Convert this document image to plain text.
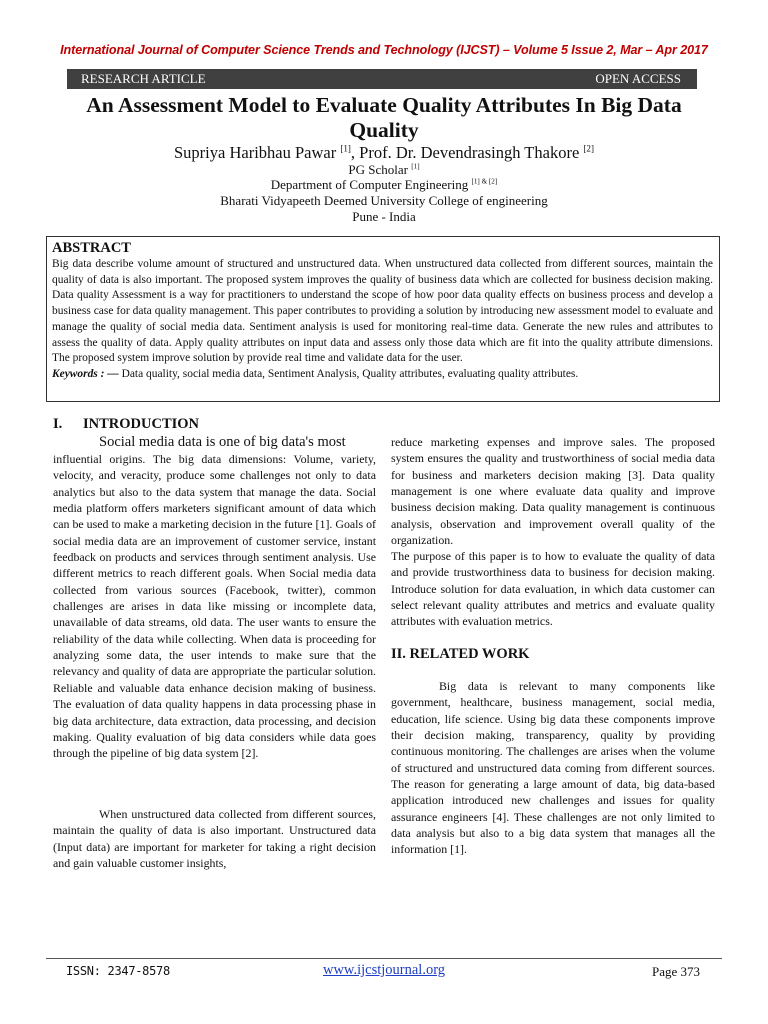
International Journal of Computer Science Trends and Technology (IJCST) – Volume 5 Issue 2, Mar – Apr 2017
RESEARCH ARTICLE	OPEN ACCESS
An Assessment Model to Evaluate Quality Attributes In Big Data Quality
Supriya Haribhau Pawar [1], Prof. Dr. Devendrasingh Thakore [2]
PG Scholar [1]
Department of Computer Engineering [1] & [2]
Bharati Vidyapeeth Deemed University College of engineering
Pune - India
ABSTRACT
Big data describe volume amount of structured and unstructured data. When unstructured data collected from different sources, maintain the quality of data is also important. The proposed system improves the quality of business data which are collected for business decision making. Data quality Assessment is a way for practitioners to understand the scope of how poor data quality effects on business process and develop a business case for data quality management. This paper contributes to providing a solution by introducing new assessment model to evaluate and manage the quality of social media data. Sentiment analysis is used for monitoring real-time data. Generate the new rules and attributes to assess the quality of data. Apply quality attributes on input data and assess only those data which are fit into the quality attribute dimensions. The proposed system improve solution by provide real time and validate data for the user.
Keywords : — Data quality, social media data, Sentiment Analysis, Quality attributes, evaluating quality attributes.
I. INTRODUCTION
Social media data is one of big data's most
influential origins. The big data dimensions: Volume, variety, velocity, and veracity, produce some challenges not only to data analytics but also to the data system that manage the data. Social media platform offers marketers significant amount of data which can be used to make a marketing decision in the future [1]. Goals of social media data are an improvement of customer service, instant feedback on products and services through sentiment analysis. Use different metrics to reach different goals. When Social media data collected from various sources (Facebook, twitter), common challenges are arises in data like missing or incomplete data, unavailable of data streams, old data. The user wants to ensure the reliability of the data while collecting. When data is proceeding for analyzing some data, the user intends to make sure that the relevancy and quality of data are appropriate the particular solution. Reliable and valuable data enhance decision making of business. The evaluation of data quality happens in data processing phase in big data architecture, data extraction, data processing, and decision making. Quality evaluation of big data considers while data goes through the pipeline of big data system [2].
When unstructured data collected from different sources, maintain the quality of data is also important. Unstructured data (Input data) are important for marketer for taking a right decision and gain valuable customer insights,
reduce marketing expenses and improve sales. The proposed system ensures the quality and trustworthiness of social media data for business and marketers decision making [3]. Data quality management is one where evaluate data quality and improve business decision making. Data quality management is continuous analysis, observation and improvement overall quality of the organization.
The purpose of this paper is to how to evaluate the quality of data and provide trustworthiness data to business for decision making. Introduce solution for data evaluation, in which data customer can select relevant quality attributes and metrics and evaluate quality attributes with evaluation metrics.
II. RELATED WORK
Big data is relevant to many components like government, healthcare, business management, social media, education, life science. Using big data these components improve their decision making, transparency, quality by providing continuous monitoring. The challenges are arises when the volume of structured and unstructured data coming from different sources. The reason for generating a large amount of data, big data-based application introduced new challenges and issues for quality assurance engineers [4]. These challenges are not only limited to data analysis but also to a big data system that manages all the information [1].
ISSN: 2347-8578	www.ijcstjournal.org	Page 373
